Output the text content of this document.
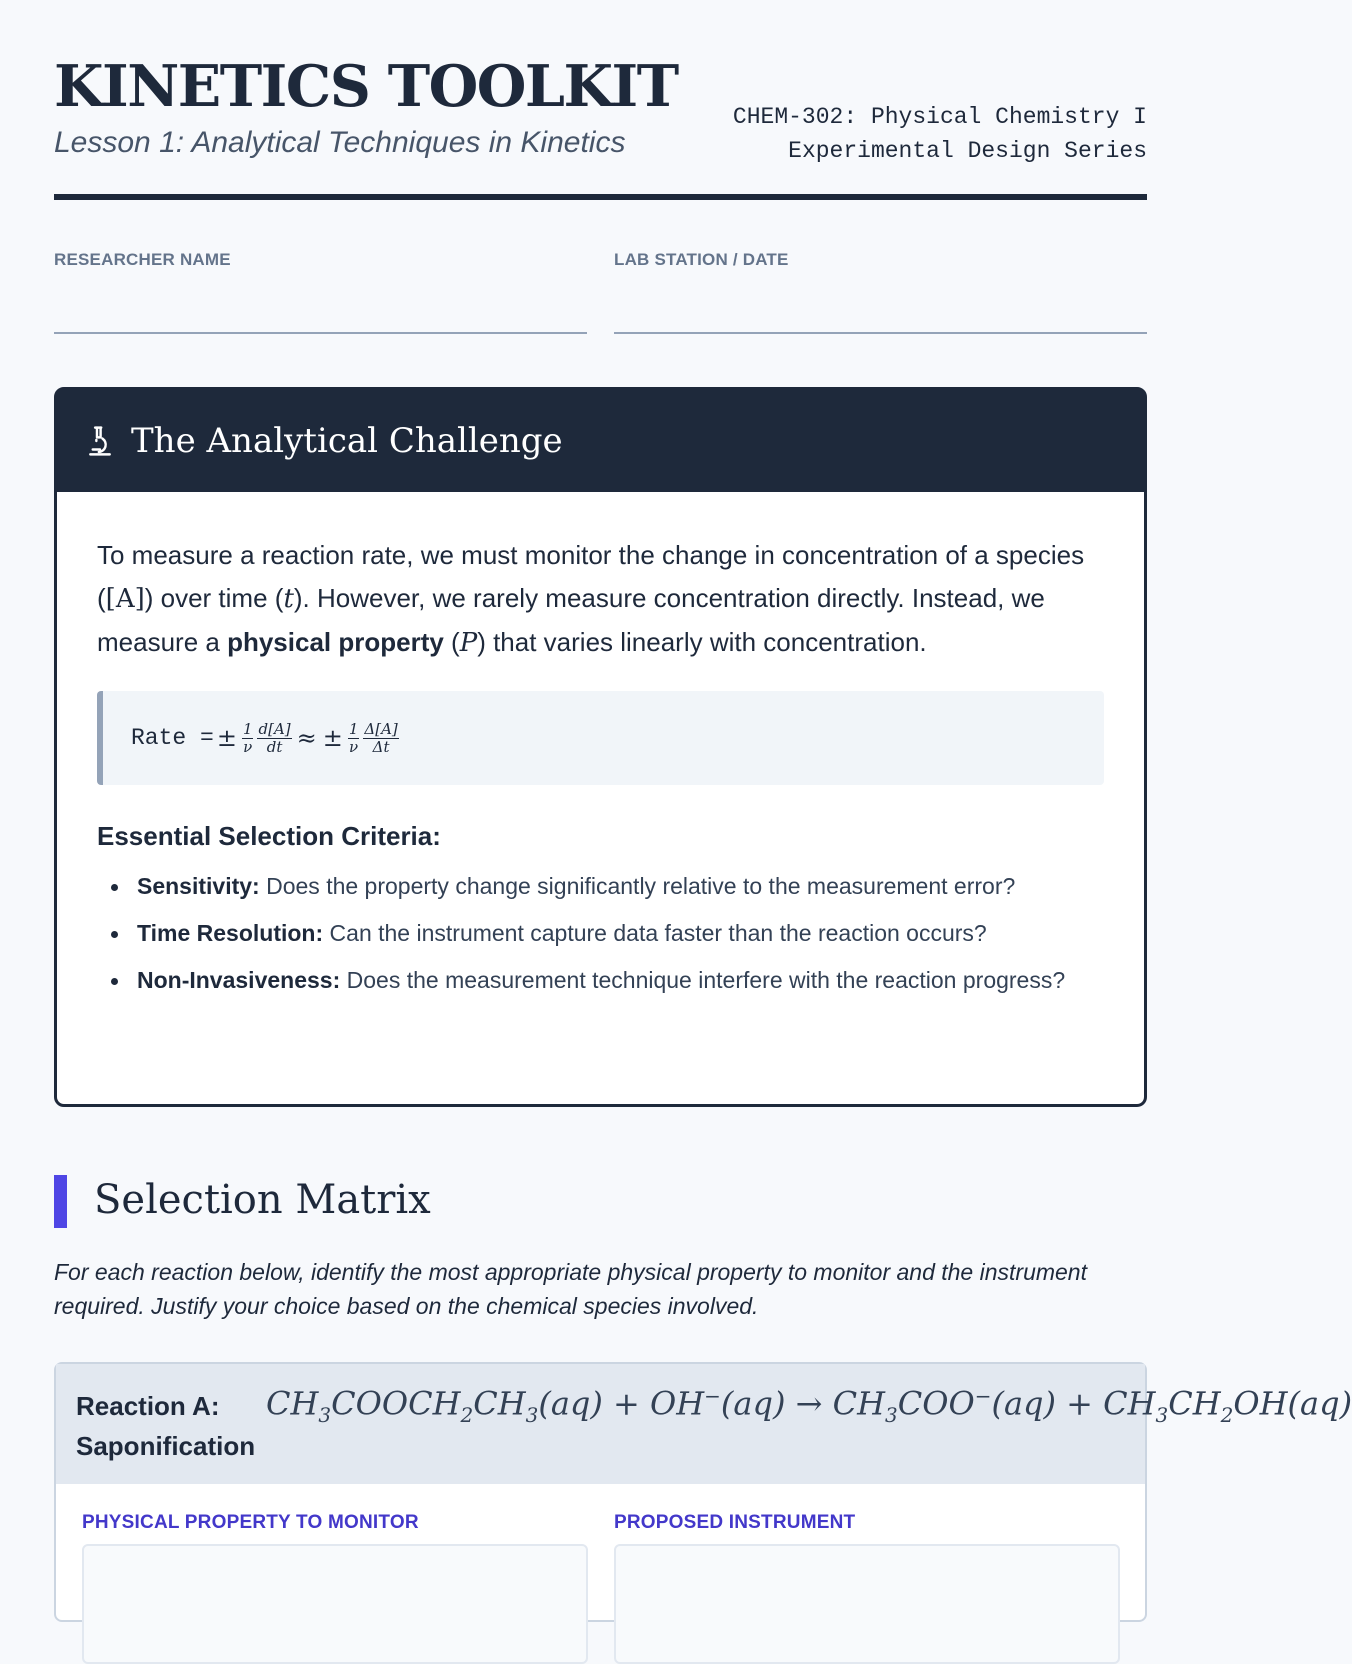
KINETICS TOOLKIT
Lesson 1: Analytical Techniques in Kinetics
CHEM-302: Physical Chemistry I
Experimental Design Series
RESEARCHER NAME	LAB STATION / DATE
The Analytical Challenge

To measure a reaction rate, we must monitor the change in concentration of a species ([A]) over time (t). However, we rarely measure concentration directly. Instead, we measure a physical property (P) that varies linearly with concentration.

Rate = ± $\frac{1}{\nu} \frac{d[A]}{dt}$ ≈ ± $\frac{1}{\nu} \frac{\Delta[A]}{\Delta t}$
Essential Selection Criteria:
Sensitivity: Does the property change significantly relative to the measurement error?
Time Resolution: Can the instrument capture data faster than the reaction occurs?
Non-Invasiveness: Does the measurement technique interfere with the reaction progress?
Selection Matrix
For each reaction below, identify the most appropriate physical property to monitor and the instrument required. Justify your choice based on the chemical species involved.
Reaction A:
Saponification
$CH_3COOCH_2CH_3(aq) + OH^-(aq) \to CH_3COO^-(aq) + CH_3CH_2OH(aq)$
PHYSICAL PROPERTY TO MONITOR	PROPOSED INSTRUMENT
